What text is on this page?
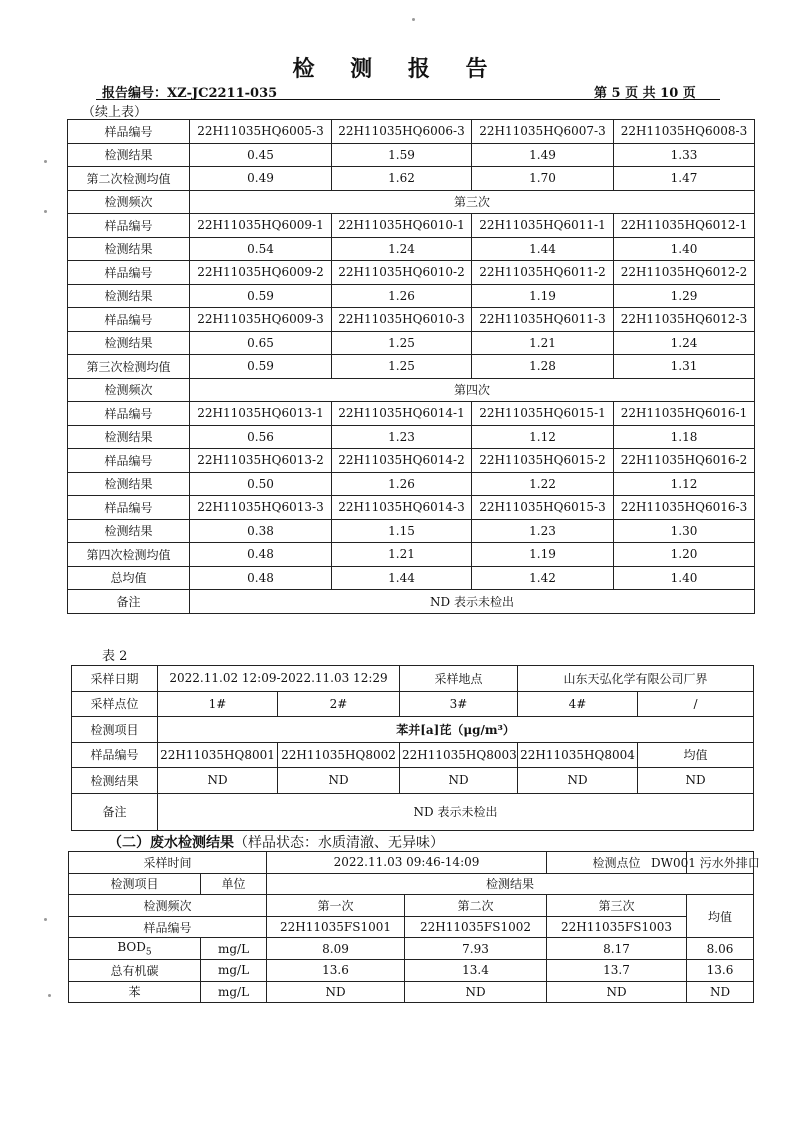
检 测 报 告
报告编号：XZ-JC2211-035	第 5 页 共 10 页
（续上表）
样品编号	22H11035HQ6005-3	22H11035HQ6006-3	22H11035HQ6007-3	22H11035HQ6008-3
检测结果	0.45	1.59	1.49	1.33
第二次检测均值	0.49	1.62	1.70	1.47
检测频次	第三次			
样品编号	22H11035HQ6009-1	22H11035HQ6010-1	22H11035HQ6011-1	22H11035HQ6012-1
检测结果	0.54	1.24	1.44	1.40
样品编号	22H11035HQ6009-2	22H11035HQ6010-2	22H11035HQ6011-2	22H11035HQ6012-2
检测结果	0.59	1.26	1.19	1.29
样品编号	22H11035HQ6009-3	22H11035HQ6010-3	22H11035HQ6011-3	22H11035HQ6012-3
检测结果	0.65	1.25	1.21	1.24
第三次检测均值	0.59	1.25	1.28	1.31
检测频次	第四次			
样品编号	22H11035HQ6013-1	22H11035HQ6014-1	22H11035HQ6015-1	22H11035HQ6016-1
检测结果	0.56	1.23	1.12	1.18
样品编号	22H11035HQ6013-2	22H11035HQ6014-2	22H11035HQ6015-2	22H11035HQ6016-2
检测结果	0.50	1.26	1.22	1.12
样品编号	22H11035HQ6013-3	22H11035HQ6014-3	22H11035HQ6015-3	22H11035HQ6016-3
检测结果	0.38	1.15	1.23	1.30
第四次检测均值	0.48	1.21	1.19	1.20
总均值	0.48	1.44	1.42	1.40
备注	ND 表示未检出			
表 2
采样日期	2022.11.02 12:09-2022.11.03 12:29		采样地点	山东天弘化学有限公司厂界	
采样点位	1#	2#	3#	4#	/
检测项目	苯并[a]芘（μg/m³）				
样品编号	22H11035HQ8001	22H11035HQ8002	22H11035HQ8003	22H11035HQ8004	均值
检测结果	ND	ND	ND	ND	ND
备注	ND 表示未检出				
（二）废水检测结果（样品状态：水质清澈、无异味）
采样时间		2022.11.03 09:46-14:09		检测点位	DW001 污水外排口
检测项目	单位	检测结果			
检测频次		第一次	第二次	第三次	均值
样品编号		22H11035FS1001	22H11035FS1002	22H11035FS1003	
$BOD_5$	mg/L	8.09	7.93	8.17	8.06
总有机碳	mg/L	13.6	13.4	13.7	13.6
苯	mg/L	ND	ND	ND	ND
